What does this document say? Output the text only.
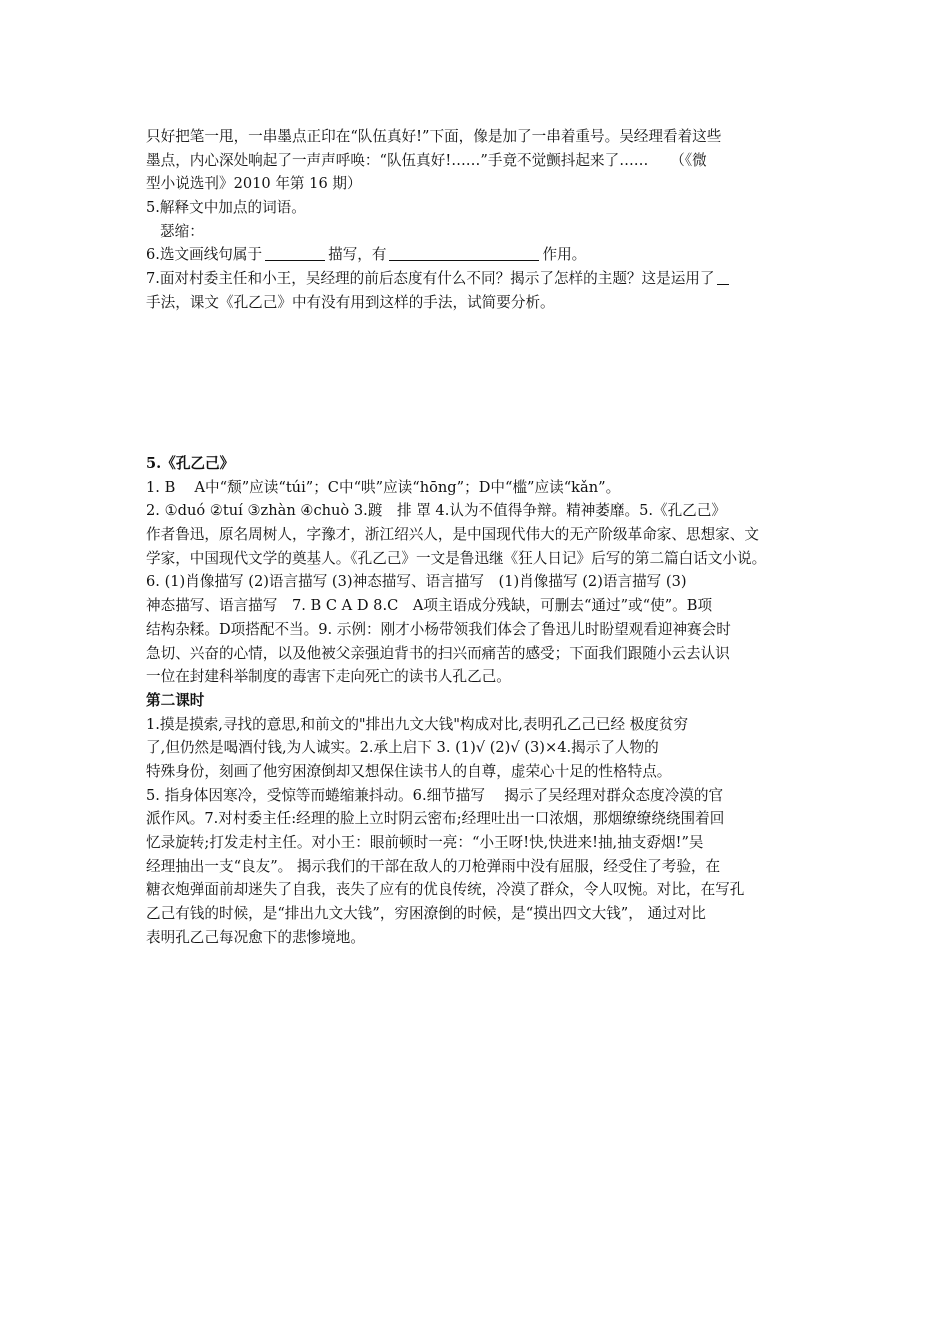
只好把笔一甩，一串墨点正印在“队伍真好!”下面，像是加了一串着重号。吴经理看着这些
墨点，内心深处响起了一声声呼唤：“队伍真好!……”手竟不觉颤抖起来了……　　（《微
型小说选刊》2010 年第 16 期）
5.解释文中加点的词语。
瑟缩：
6.选文画线句属于	描写，有	作用。
7.面对村委主任和小王，吴经理的前后态度有什么不同？揭示了怎样的主题？这是运用了
手法，课文《孔乙己》中有没有用到这样的手法，试简要分析。
5.《孔乙己》
1. B　 A中“颓”应读“túi”；C中“哄”应读“hōng”；D中“槛”应读“kǎn”。
2. ①duó ②tuí ③zhàn ④chuò 3.踱　排 罩 4.认为不值得争辩。精神萎靡。5.《孔乙己》
作者鲁迅，原名周树人，字豫才，浙江绍兴人，是中国现代伟大的无产阶级革命家、思想家、文
学家，中国现代文学的奠基人。《孔乙己》一文是鲁迅继《狂人日记》后写的第二篇白话文小说。
6. (1)肖像描写 (2)语言描写 (3)神态描写、语言描写　(1)肖像描写 (2)语言描写 (3)
神态描写、语言描写　7. B C A D 8.C　A项主语成分残缺，可删去“通过”或“使”。B项
结构杂糅。D项搭配不当。9. 示例：刚才小杨带领我们体会了鲁迅儿时盼望观看迎神赛会时
急切、兴奋的心情，以及他被父亲强迫背书的扫兴而痛苦的感受；下面我们跟随小云去认识
一位在封建科举制度的毒害下走向死亡的读书人孔乙己。
第二课时
1.摸是摸索,寻找的意思,和前文的"排出九文大钱"构成对比,表明孔乙己已经 极度贫穷
了,但仍然是喝酒付钱,为人诚实。2.承上启下 3. (1)√ (2)√ (3)×4.揭示了人物的
特殊身份，刻画了他穷困潦倒却又想保住读书人的自尊，虚荣心十足的性格特点。
5. 指身体因寒冷，受惊等而蜷缩兼抖动。6.细节描写　 揭示了吴经理对群众态度冷漠的官
派作风。7.对村委主任:经理的脸上立时阴云密布;经理吐出一口浓烟，那烟缭缭绕绕围着回
忆录旋转;打发走村主任。对小王：眼前顿时一亮：“小王呀!快,快进来!抽,抽支孬烟!”吴
经理抽出一支“良友”。 揭示我们的干部在敌人的刀枪弹雨中没有屈服，经受住了考验，在
糖衣炮弹面前却迷失了自我，丧失了应有的优良传统，冷漠了群众，令人叹惋。对比，在写孔
乙己有钱的时候，是“排出九文大钱”，穷困潦倒的时候，是“摸出四文大钱”， 通过对比
表明孔乙己每况愈下的悲惨境地。
